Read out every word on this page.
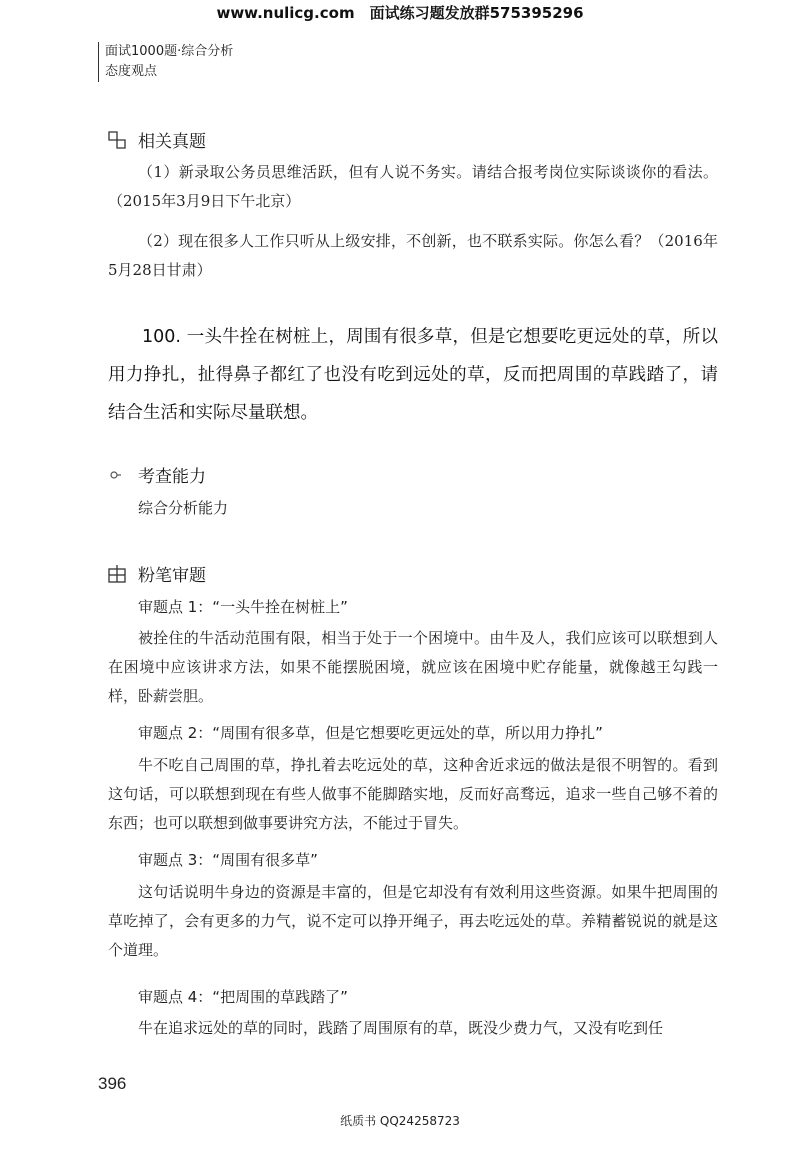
www.nulicg.com　面试练习题发放群575395296
面试1000题·综合分析
态度观点
相关真题
（1）新录取公务员思维活跃，但有人说不务实。请结合报考岗位实际谈谈你的看法。（2015年3月9日下午北京）
（2）现在很多人工作只听从上级安排，不创新，也不联系实际。你怎么看？（2016年5月28日甘肃）
100. 一头牛拴在树桩上，周围有很多草，但是它想要吃更远处的草，所以用力挣扎，扯得鼻子都红了也没有吃到远处的草，反而把周围的草践踏了，请结合生活和实际尽量联想。
考查能力
综合分析能力
粉笔审题
审题点 1：“一头牛拴在树桩上”
被拴住的牛活动范围有限，相当于处于一个困境中。由牛及人，我们应该可以联想到人在困境中应该讲求方法，如果不能摆脱困境，就应该在困境中贮存能量，就像越王勾践一样，卧薪尝胆。
审题点 2：“周围有很多草，但是它想要吃更远处的草，所以用力挣扎”
牛不吃自己周围的草，挣扎着去吃远处的草，这种舍近求远的做法是很不明智的。看到这句话，可以联想到现在有些人做事不能脚踏实地，反而好高骛远，追求一些自己够不着的东西；也可以联想到做事要讲究方法，不能过于冒失。
审题点 3：“周围有很多草”
这句话说明牛身边的资源是丰富的，但是它却没有有效利用这些资源。如果牛把周围的草吃掉了，会有更多的力气，说不定可以挣开绳子，再去吃远处的草。养精蓄锐说的就是这个道理。
审题点 4：“把周围的草践踏了”
牛在追求远处的草的同时，践踏了周围原有的草，既没少费力气，又没有吃到任
396
纸质书 QQ24258723
